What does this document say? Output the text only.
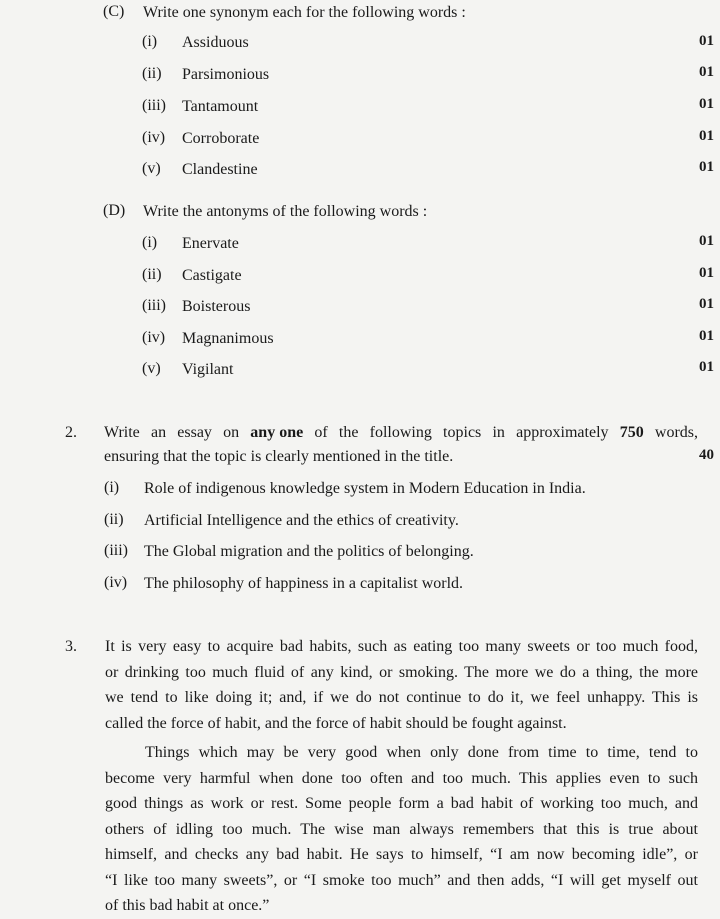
(C) Write one synonym each for the following words :
(i) Assiduous	01
(ii) Parsimonious	01
(iii) Tantamount	01
(iv) Corroborate	01
(v) Clandestine	01
(D) Write the antonyms of the following words :
(i) Enervate	01
(ii) Castigate	01
(iii) Boisterous	01
(iv) Magnanimous	01
(v) Vigilant	01
2. Write an essay on any one of the following topics in approximately 750 words,
ensuring that the topic is clearly mentioned in the title.	40
(i) Role of indigenous knowledge system in Modern Education in India.
(ii) Artificial Intelligence and the ethics of creativity.
(iii) The Global migration and the politics of belonging.
(iv) The philosophy of happiness in a capitalist world.
3. It is very easy to acquire bad habits, such as eating too many sweets or too much food,
or drinking too much fluid of any kind, or smoking. The more we do a thing, the more
we tend to like doing it; and, if we do not continue to do it, we feel unhappy. This is
called the force of habit, and the force of habit should be fought against.
Things which may be very good when only done from time to time, tend to
become very harmful when done too often and too much. This applies even to such
good things as work or rest. Some people form a bad habit of working too much, and
others of idling too much. The wise man always remembers that this is true about
himself, and checks any bad habit. He says to himself, “I am now becoming idle”, or
“I like too many sweets”, or “I smoke too much” and then adds, “I will get myself out
of this bad habit at once.”
